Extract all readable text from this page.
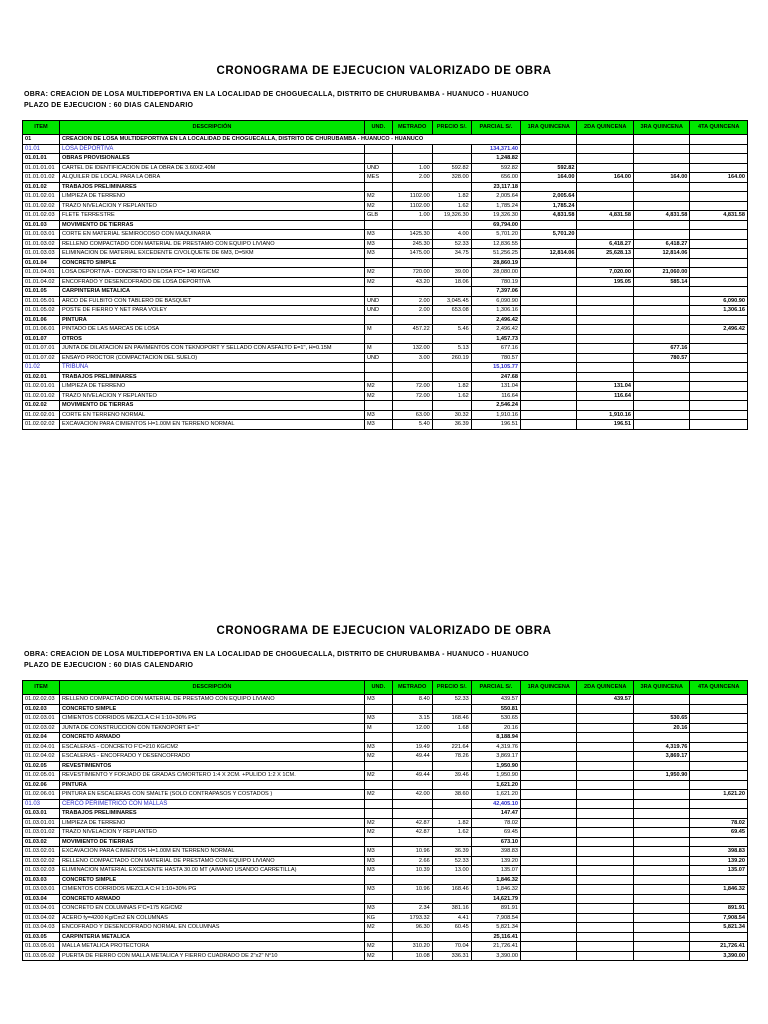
CRONOGRAMA DE EJECUCION VALORIZADO DE OBRA
OBRA: CREACION DE LOSA MULTIDEPORTIVA EN LA LOCALIDAD DE CHOGUECALLA, DISTRITO DE CHURUBAMBA - HUANUCO - HUANUCO
PLAZO DE EJECUCION : 60 DIAS CALENDARIO
ITEM	DESCRIPCIÓN	UND.	METRADO	PRECIO S/.	PARCIAL S/.	1RA QUINCENA	2DA QUINCENA	3RA QUINCENA	4TA QUINCENA
01	CREACION DE LOSA MULTIDEPORTIVA EN LA LOCALIDAD DE CHOGUECALLA, DISTRITO DE CHURUBAMBA - HUANUCO - HUANUCO								
01.01	LOSA DEPORTIVA				134,371.40				
01.01.01	OBRAS PROVISIONALES				1,248.82				
01.01.01.01	CARTEL DE IDENTIFICACION DE LA OBRA DE 3.60X2.40M	UND	1.00	592.82	592.82	592.82			
01.01.01.02	ALQUILER DE LOCAL PARA LA OBRA	MES	2.00	328.00	656.00	164.00	164.00	164.00	164.00
01.01.02	TRABAJOS PRELIMINARES				23,117.18				
01.01.02.01	LIMPIEZA DE TERRENO	M2	1102.00	1.82	2,005.64	2,005.64			
01.01.02.02	TRAZO NIVELACION Y REPLANTEO	M2	1102.00	1.62	1,785.24	1,785.24			
01.01.02.03	FLETE TERRESTRE	GLB	1.00	19,326.30	19,326.30	4,831.58	4,831.58	4,831.58	4,831.58
01.01.03	MOVIMIENTO DE TIERRAS				69,794.00				
01.01.03.01	CORTE EN MATERIAL SEMIROCOSO CON MAQUINARIA	M3	1425.30	4.00	5,701.20	5,701.20			
01.01.03.02	RELLENO COMPACTADO CON MATERIAL DE PRESTAMO CON EQUIPO LIVIANO	M3	245.30	52.33	12,836.55		6,418.27	6,418.27	
01.01.03.03	ELIMINACION DE MATERIAL EXCEDENTE C/VOLQUETE DE 6M3, D=5KM	M3	1475.00	34.75	51,256.25	12,814.06	25,628.13	12,814.06	
01.01.04	CONCRETO SIMPLE				28,860.19				
01.01.04.01	LOSA DEPORTIVA - CONCRETO EN LOSA F'C= 140 KG/CM2	M2	720.00	39.00	28,080.00		7,020.00	21,060.00	
01.01.04.02	ENCOFRADO Y DESENCOFRADO DE LOSA DEPORTIVA	M2	43.20	18.06	780.19		195.05	585.14	
01.01.05	CARPINTERIA METALICA				7,397.06				
01.01.05.01	ARCO DE FULBITO CON TABLERO DE BASQUET	UND	2.00	3,045.45	6,090.90				6,090.90
01.01.05.02	POSTE DE FIERRO Y NET PARA VOLEY	UND	2.00	653.08	1,306.16				1,306.16
01.01.06	PINTURA				2,496.42				
01.01.06.01	PINTADO DE LAS MARCAS DE LOSA	M	457.22	5.46	2,496.42				2,496.42
01.01.07	OTROS				1,457.73				
01.01.07.01	JUNTA DE DILATACION EN PAVIMENTOS CON TEKNOPORT Y SELLADO CON ASFALTO E=1", H=0.15M	M	132.00	5.13	677.16			677.16	
01.01.07.02	ENSAYO PROCTOR (COMPACTACION DEL SUELO)	UND	3.00	260.19	780.57			780.57	
01.02	TRIBUNA				15,105.77				
01.02.01	TRABAJOS PRELIMINARES				247.68				
01.02.01.01	LIMPIEZA DE TERRENO	M2	72.00	1.82	131.04		131.04		
01.02.01.02	TRAZO NIVELACION Y REPLANTEO	M2	72.00	1.62	116.64		116.64		
01.02.02	MOVIMIENTO DE TIERRAS				2,546.24				
01.02.02.01	CORTE EN TERRENO NORMAL	M3	63.00	30.32	1,910.16		1,910.16		
01.02.02.02	EXCAVACION PARA CIMIENTOS H=1.00M EN TERRENO NORMAL	M3	5.40	36.39	196.51		196.51		
CRONOGRAMA DE EJECUCION VALORIZADO DE OBRA
OBRA: CREACION DE LOSA MULTIDEPORTIVA EN LA LOCALIDAD DE CHOGUECALLA, DISTRITO DE CHURUBAMBA - HUANUCO - HUANUCO
PLAZO DE EJECUCION : 60 DIAS CALENDARIO
ITEM	DESCRIPCIÓN	UND.	METRADO	PRECIO S/.	PARCIAL S/.	1RA QUINCENA	2DA QUINCENA	3RA QUINCENA	4TA QUINCENA
01.02.02.03	RELLENO COMPACTADO CON MATERIAL DE PRESTAMO CON EQUIPO LIVIANO	M3	8.40	52.33	439.57		439.57		
01.02.03	CONCRETO SIMPLE				550.81				
01.02.03.01	CIMIENTOS CORRIDOS MEZCLA C:H 1:10+30% PG	M3	3.15	168.46	530.65			530.65	
01.02.03.02	JUNTA DE CONSTRUCCION CON TEKNOPORT E=1"	M	12.00	1.68	20.16			20.16	
01.02.04	CONCRETO ARMADO				8,188.94				
01.02.04.01	ESCALERAS - CONCRETO F'C=210 KG/CM2	M3	19.49	221.64	4,319.76			4,319.76	
01.02.04.02	ESCALERAS - ENCOFRADO Y DESENCOFRADO	M2	49.44	78.26	3,869.17			3,869.17	
01.02.05	REVESTIMIENTOS				1,950.90				
01.02.05.01	REVESTIMIENTO Y FORJADO DE GRADAS C/MORTERO 1:4 X 2CM. +PULIDO 1:2 X 1CM.	M2	49.44	39.46	1,950.90			1,950.90	
01.02.06	PINTURA				1,621.20				
01.02.06.01	PINTURA EN ESCALERAS CON SMALTE (SOLO CONTRAPASOS Y COSTADOS )	M2	42.00	38.60	1,621.20				1,621.20
01.03	CERCO PERIMETRICO CON MALLAS				42,405.10				
01.03.01	TRABAJOS PRELIMINARES				147.47				
01.03.01.01	LIMPIEZA DE TERRENO	M2	42.87	1.82	78.02				78.02
01.03.01.02	TRAZO NIVELACION Y REPLANTEO	M2	42.87	1.62	69.45				69.45
01.03.02	MOVIMIENTO DE TIERRAS				673.10				
01.03.02.01	EXCAVACION PARA CIMIENTOS H=1.00M EN TERRENO NORMAL	M3	10.96	36.39	398.83				398.83
01.03.02.02	RELLENO COMPACTADO CON MATERIAL DE PRESTAMO CON EQUIPO LIVIANO	M3	2.66	52.33	139.20				139.20
01.03.02.03	ELIMINACION MATERIAL EXCEDENTE HASTA 30.00 MT (A/MANO USANDO CARRETILLA)	M3	10.39	13.00	135.07				135.07
01.03.03	CONCRETO SIMPLE				1,846.32				
01.03.03.01	CIMIENTOS CORRIDOS MEZCLA C:H 1:10+30% PG	M3	10.96	168.46	1,846.32				1,846.32
01.03.04	CONCRETO ARMADO				14,621.79				
01.03.04.01	CONCRETO EN COLUMNAS F'C=175 KG/CM2	M3	2.34	381.16	891.91				891.91
01.03.04.02	ACERO fy=4200 Kg/Cm2 EN COLUMNAS	KG	1793.32	4.41	7,908.54				7,908.54
01.03.04.03	ENCOFRADO Y DESENCOFRADO NORMAL EN COLUMNAS	M2	96.30	60.45	5,821.34				5,821.34
01.03.05	CARPINTERIA METALICA				25,116.41				
01.03.05.01	MALLA METALICA PROTECTORA	M2	310.20	70.04	21,726.41				21,726.41
01.03.05.02	PUERTA DE FIERRO CON MALLA METALICA Y FIERRO CUADRADO DE 2"x2" N°10	M2	10.08	336.31	3,390.00				3,390.00
